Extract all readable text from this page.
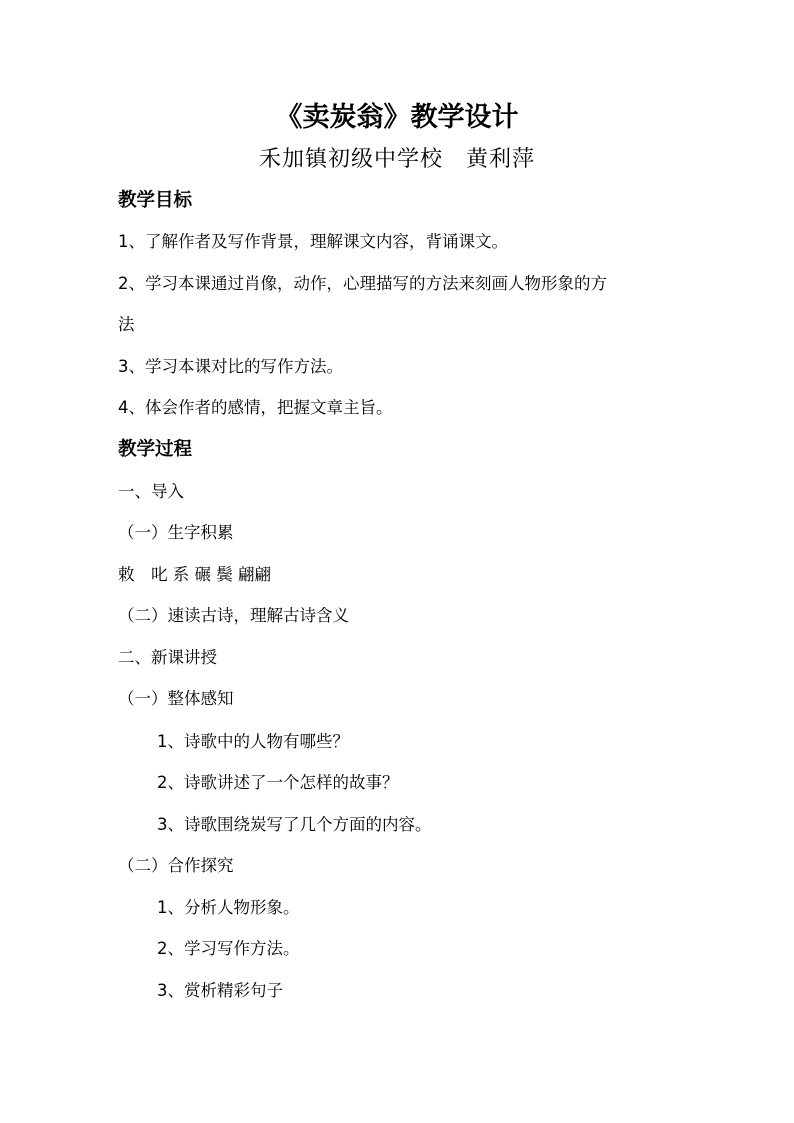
《卖炭翁》教学设计
禾加镇初级中学校　黄利萍
教学目标
1、了解作者及写作背景，理解课文内容，背诵课文。
2、学习本课通过肖像，动作，心理描写的方法来刻画人物形象的方
法
3、学习本课对比的写作方法。
4、体会作者的感情，把握文章主旨。
教学过程
一、导入
（一）生字积累
敕　叱 系 碾 鬓 翩翩
（二）速读古诗，理解古诗含义
二、新课讲授
（一）整体感知
1、诗歌中的人物有哪些？
2、诗歌讲述了一个怎样的故事？
3、诗歌围绕炭写了几个方面的内容。
（二）合作探究
1、分析人物形象。
2、学习写作方法。
3、赏析精彩句子
